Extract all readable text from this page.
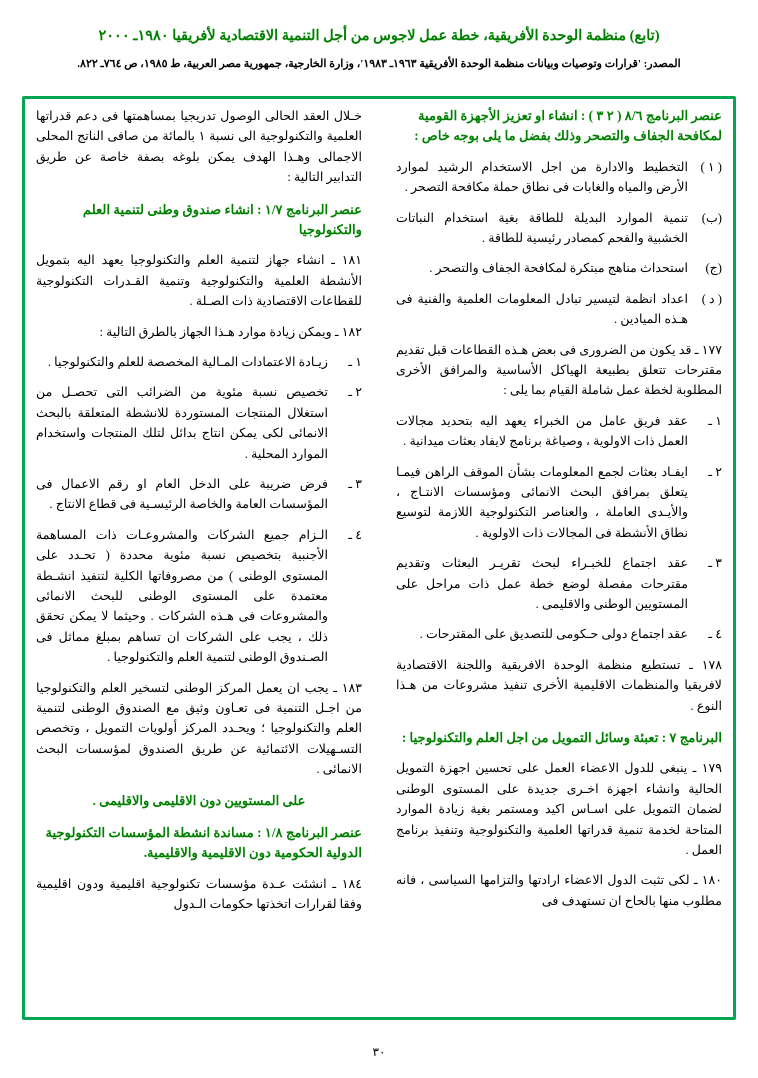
(تابع) منظمة الوحدة الأفريقية، خطة عمل لاجوس من أجل التنمية الاقتصادية لأفريقيا ١٩٨٠ـ ٢٠٠٠
المصدر: ‏'قرارات وتوصيات وبيانات منظمة الوحدة الأفريقية ١٩٦٣ـ ١٩٨٣'، وزارة الخارجية، جمهورية مصر العربية، ط ١٩٨٥، ص ٧٦٤ـ ٨٢٢.
عنصر البرنامج ٨/٦ ( ٢ ٣ ) : انشاء او تعزيز الأجهزة القومية لمكافحة الجفاف والتصحر وذلك بفضل ما يلى بوجه خاص :
( ١ )
التخطيط والادارة من اجل الاستخدام الرشيد لموارد الأرض والمياه والغابات فى نطاق حملة مكافحة التصحر .
(ب)
تنمية الموارد البديلة للطاقة بغية استخدام النباتات الخشبية والفحم كمصادر رئيسية للطاقة .
(ج)
استحداث مناهج مبتكرة لمكافحة الجفاف والتصحر .
( د )
اعداد انظمة لتيسير تبادل المعلومات العلمية والفنية فى هـذه الميادين .

١٧٧ ـ قد يكون من الضرورى فى بعض هـذه القطاعات قبل تقديم مقترحات تتعلق بطبيعة الهياكل الأساسية والمرافق الأخرى المطلوبة لخطة عمل شاملة القيام بما يلى :

١ ـ
عقد فريق عامل من الخبراء يعهد اليه بتحديد مجالات العمل ذات الاولوية ، وصياغة برنامج لايفاد بعثات ميدانية .
٢ ـ
ايفـاد بعثات لجمع المعلومات بشأن الموقف الراهن فيمـا يتعلق بمرافق البحث الانمائى ومؤسسات الانتـاج ، والأيـدى العاملة ، والعناصر التكنولوجية اللازمة لتوسيع نطاق الأنشطة فى المجالات ذات الاولوية .
٣ ـ
عقد اجتماع للخبـراء لبحث تقريـر البعثات وتقديم مقترحات مفصلة لوضع خطة عمل ذات مراحل على المستويين الوطنى والاقليمى .
٤ ـ
عقد اجتماع دولى حـكومى للتصديق على المقترحات .

١٧٨ ـ تستطيع منظمة الوحدة الافريقية واللجنة الاقتصادية لافريقيا والمنظمات الاقليمية الأخرى تنفيذ مشروعات من هـذا النوع .

البرنامج ٧ : تعبئة وسائل التمويل من اجل العلم والتكنولوجيا :

١٧٩ ـ ينبغى للدول الاعضاء العمل على تحسين اجهزة التمويل الحالية وانشاء اجهزة اخـرى جديدة على المستوى الوطنى لضمان التمويل على اسـاس اكيد ومستمر بغية زيادة الموارد المتاحة لخدمة تنمية قدراتها العلمية والتكنولوجية وتنفيذ برنامج العمل .

١٨٠ ـ لكى تثبت الدول الاعضاء ارادتها والتزامها السياسى ، فانه مطلوب منها بالحاح ان تستهدف فى

خـلال العقد الحالى الوصول تدريجيا بمساهمتها فى دعم قدراتها العلمية والتكنولوجية الى نسبة ١ بالمائة من صافى الناتج المحلى الاجمالى وهـذا الهدف يمكن بلوغه بصفة خاصة عن طريق التدابير التالية :

عنصر البرنامج ١/٧ : انشاء صندوق وطنى لتنمية العلم والتكنولوجيا

١٨١ ـ انشاء جهاز لتنمية العلم والتكنولوجيا يعهد اليه بتمويل الأنشطة العلمية والتكنولوجية وتنمية القـدرات التكنولوجية للقطاعات الاقتصادية ذات الصـلة .

١٨٢ ـ ويمكن زيادة موارد هـذا الجهاز بالطرق التالية :

١ ـ
زيـادة الاعتمادات المـالية المخصصة للعلم والتكنولوجيا .
٢ ـ
تخصيص نسبة مئوية من الضرائب التى تحصـل من استغلال المنتجات المستوردة للانشطة المتعلقة بالبحث الانمائى لكى يمكن انتاج بدائل لتلك المنتجات واستخدام الموارد المحلية .
٣ ـ
فرض ضريبة على الدخل العام او رقم الاعمال فى المؤسسات العامة والخاصة الرئيسـية فى قطاع الانتاج .
٤ ـ
الـزام جميع الشركات والمشروعـات ذات المساهمة الأجنبية بتخصيص نسبة مئوية محددة ( تحـدد على المستوى الوطنى ) من مصروفاتها الكلية لتنفيذ انشـطة معتمدة على المستوى الوطنى للبحث الانمائى والمشروعات فى هـذه الشركات . وحيثما لا يمكن تحقق ذلك ، يجب على الشركات ان تساهم بمبلغ مماثل فى الصـندوق الوطنى لتنمية العلم والتكنولوجيا .

١٨٣ ـ يجب ان يعمل المركز الوطنى لتسخير العلم والتكنولوجيا من اجـل التنمية فى تعـاون وثيق مع الصندوق الوطنى لتنمية العلم والتكنولوجيا ؛ ويحـدد المركز أولويات التمويل ، وتخصص التسـهيلات الائتمائية عن طريق الصندوق لمؤسسات البحث الانمائى .

على المستويين دون الاقليمى والاقليمى .
عنصر البرنامج ١/٨ : مساندة انشطة المؤسسات التكنولوجية الدولية الحكومية دون الاقليمية والاقليمية.

١٨٤ ـ انشئت عـدة مؤسسات تكنولوجية اقليمية ودون اقليمية وفقا لقرارات اتخذتها حكومات الـدول

٣٠
